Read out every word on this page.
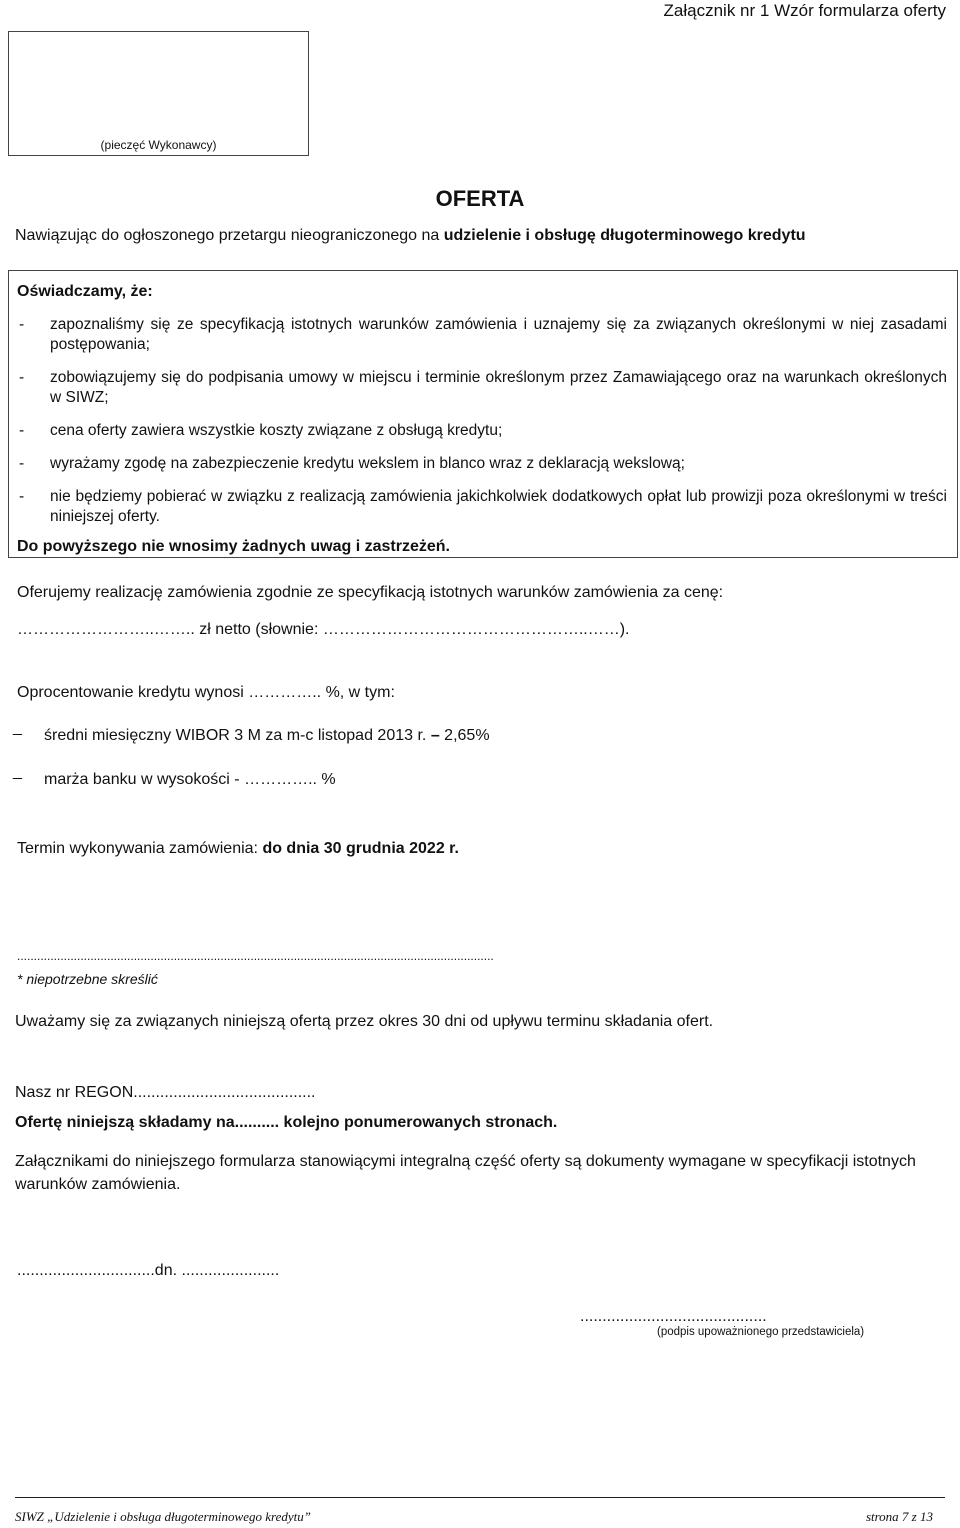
Załącznik nr 1 Wzór formularza oferty
(pieczęć Wykonawcy)
OFERTA
Nawiązując do ogłoszonego przetargu nieograniczonego na udzielenie i obsługę długoterminowego kredytu
Oświadczamy, że:
- zapoznaliśmy się ze specyfikacją istotnych warunków zamówienia i uznajemy się za związanych określonymi w niej zasadami postępowania;
- zobowiązujemy się do podpisania umowy w miejscu i terminie określonym przez Zamawiającego oraz na warunkach określonych w SIWZ;
- cena oferty zawiera wszystkie koszty związane z obsługą kredytu;
- wyrażamy zgodę na zabezpieczenie kredytu wekslem in blanco wraz z deklaracją wekslową;
- nie będziemy pobierać w związku z realizacją zamówienia jakichkolwiek dodatkowych opłat lub prowizji poza określonymi w treści niniejszej oferty.
Do powyższego nie wnosimy żadnych uwag i zastrzeżeń.
Oferujemy realizację zamówienia zgodnie ze specyfikacją istotnych warunków zamówienia za cenę:
……………………..…….. zł netto (słownie: …………………………………………..……).
Oprocentowanie kredytu wynosi ………….. %, w tym:
_	średni miesięczny WIBOR 3 M za m-c listopad 2013 r. – 2,65%
_	marża banku w wysokości - ………….. %
Termin wykonywania zamówienia: do dnia 30 grudnia 2022 r.
...............................................................................................................................................
* niepotrzebne skreślić
Uważamy się za związanych niniejszą ofertą przez okres 30 dni od upływu terminu składania ofert.
Nasz nr REGON.........................................
Ofertę niniejszą składamy na.......... kolejno ponumerowanych stronach.
Załącznikami do niniejszego formularza stanowiącymi integralną część oferty są dokumenty wymagane w specyfikacji istotnych warunków zamówienia.
...............................dn. ......................
..........................................
(podpis upoważnionego przedstawiciela)
SIWZ „Udzielenie i obsługa długoterminowego kredytu”	strona 7 z 13
